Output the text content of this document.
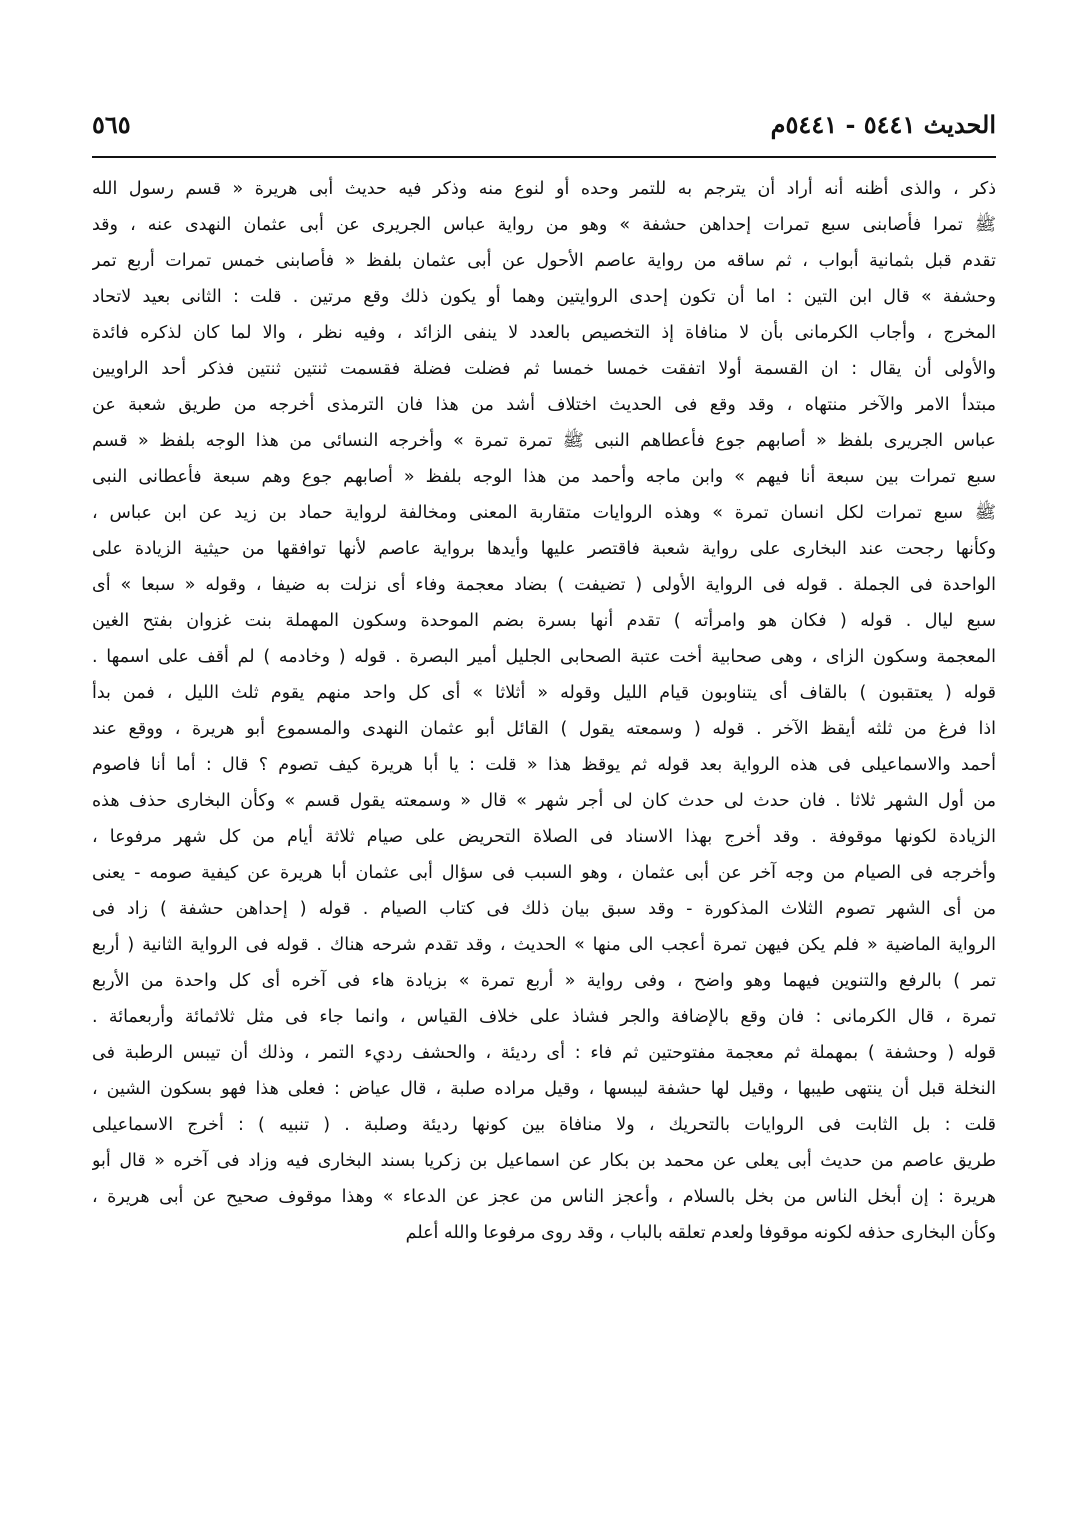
الحديث ٥٤٤١ - ٥٤٤١م
٥٦٥
ذكر ، والذى أظنه أنه أراد أن يترجم به للتمر وحده أو لنوع منه وذكر فيه حديث أبى هريرة « قسم رسول الله
ﷺ تمرا فأصابنى سبع تمرات إحداهن حشفة » وهو من رواية عباس الجريرى عن أبى عثمان النهدى عنه ، وقد
تقدم قبل بثمانية أبواب ، ثم ساقه من رواية عاصم الأحول عن أبى عثمان بلفظ « فأصابنى خمس تمرات أربع تمر
وحشفة » قال ابن التين : اما أن تكون إحدى الروايتين وهما أو يكون ذلك وقع مرتين . قلت : الثانى بعيد لاتحاد
المخرج ، وأجاب الكرمانى بأن لا منافاة إذ التخصيص بالعدد لا ينفى الزائد ، وفيه نظر ، والا لما كان لذكره فائدة
والأولى أن يقال : ان القسمة أولا اتفقت خمسا خمسا ثم فضلت فضلة فقسمت ثنتين ثنتين فذكر أحد الراويين
مبتدأ الامر والآخر منتهاه ، وقد وقع فى الحديث اختلاف أشد من هذا فان الترمذى أخرجه من طريق شعبة عن
عباس الجريرى بلفظ « أصابهم جوع فأعطاهم النبى ﷺ تمرة تمرة » وأخرجه النسائى من هذا الوجه بلفظ « قسم
سبع تمرات بين سبعة أنا فيهم » وابن ماجه وأحمد من هذا الوجه بلفظ « أصابهم جوع وهم سبعة فأعطانى النبى
ﷺ سبع تمرات لكل انسان تمرة » وهذه الروايات متقاربة المعنى ومخالفة لرواية حماد بن زيد عن ابن عباس ،
وكأنها رجحت عند البخارى على رواية شعبة فاقتصر عليها وأيدها برواية عاصم لأنها توافقها من حيثية الزيادة على
الواحدة فى الجملة . قوله فى الرواية الأولى ( تضيفت ) بضاد معجمة وفاء أى نزلت به ضيفا ، وقوله « سبعا » أى
سبع ليال . قوله ( فكان هو وامرأته ) تقدم أنها بسرة بضم الموحدة وسكون المهملة بنت غزوان بفتح الغين
المعجمة وسكون الزاى ، وهى صحابية أخت عتبة الصحابى الجليل أمير البصرة . قوله ( وخادمه ) لم أقف على اسمها .
قوله ( يعتقبون ) بالقاف أى يتناوبون قيام الليل وقوله « أثلاثا » أى كل واحد منهم يقوم ثلث الليل ، فمن بدأ
اذا فرغ من ثلثه أيقظ الآخر . قوله ( وسمعته يقول ) القائل أبو عثمان النهدى والمسموع أبو هريرة ، ووقع عند
أحمد والاسماعيلى فى هذه الرواية بعد قوله ثم يوقظ هذا « قلت : يا أبا هريرة كيف تصوم ؟ قال : أما أنا فاصوم
من أول الشهر ثلاثا . فان حدث لى حدث كان لى أجر شهر » قال « وسمعته يقول قسم » وكأن البخارى حذف هذه
الزيادة لكونها موقوفة . وقد أخرج بهذا الاسناد فى الصلاة التحريض على صيام ثلاثة أيام من كل شهر مرفوعا ،
وأخرجه فى الصيام من وجه آخر عن أبى عثمان ، وهو السبب فى سؤال أبى عثمان أبا هريرة عن كيفية صومه - يعنى
من أى الشهر تصوم الثلاث المذكورة - وقد سبق بيان ذلك فى كتاب الصيام . قوله ( إحداهن حشفة ) زاد فى
الرواية الماضية « فلم يكن فيهن تمرة أعجب الى منها » الحديث ، وقد تقدم شرحه هناك . قوله فى الرواية الثانية ( أربع
تمر ) بالرفع والتنوين فيهما وهو واضح ، وفى رواية « أربع تمرة » بزيادة هاء فى آخره أى كل واحدة من الأربع
تمرة ، قال الكرمانى : فان وقع بالإضافة والجر فشاذ على خلاف القياس ، وانما جاء فى مثل ثلاثمائة وأربعمائة .
قوله ( وحشفة ) بمهملة ثم معجمة مفتوحتين ثم فاء : أى رديئة ، والحشف رديء التمر ، وذلك أن تيبس الرطبة فى
النخلة قبل أن ينتهى طيبها ، وقيل لها حشفة ليبسها ، وقيل مراده صلبة ، قال عياض : فعلى هذا فهو بسكون الشين ،
قلت : بل الثابت فى الروايات بالتحريك ، ولا منافاة بين كونها رديئة وصلبة . ( تنبيه ) : أخرج الاسماعيلى
طريق عاصم من حديث أبى يعلى عن محمد بن بكار عن اسماعيل بن زكريا بسند البخارى فيه وزاد فى آخره « قال أبو
هريرة : إن أبخل الناس من بخل بالسلام ، وأعجز الناس من عجز عن الدعاء » وهذا موقوف صحيح عن أبى هريرة ،
وكأن البخارى حذفه لكونه موقوفا ولعدم تعلقه بالباب ، وقد روى مرفوعا والله أعلم
